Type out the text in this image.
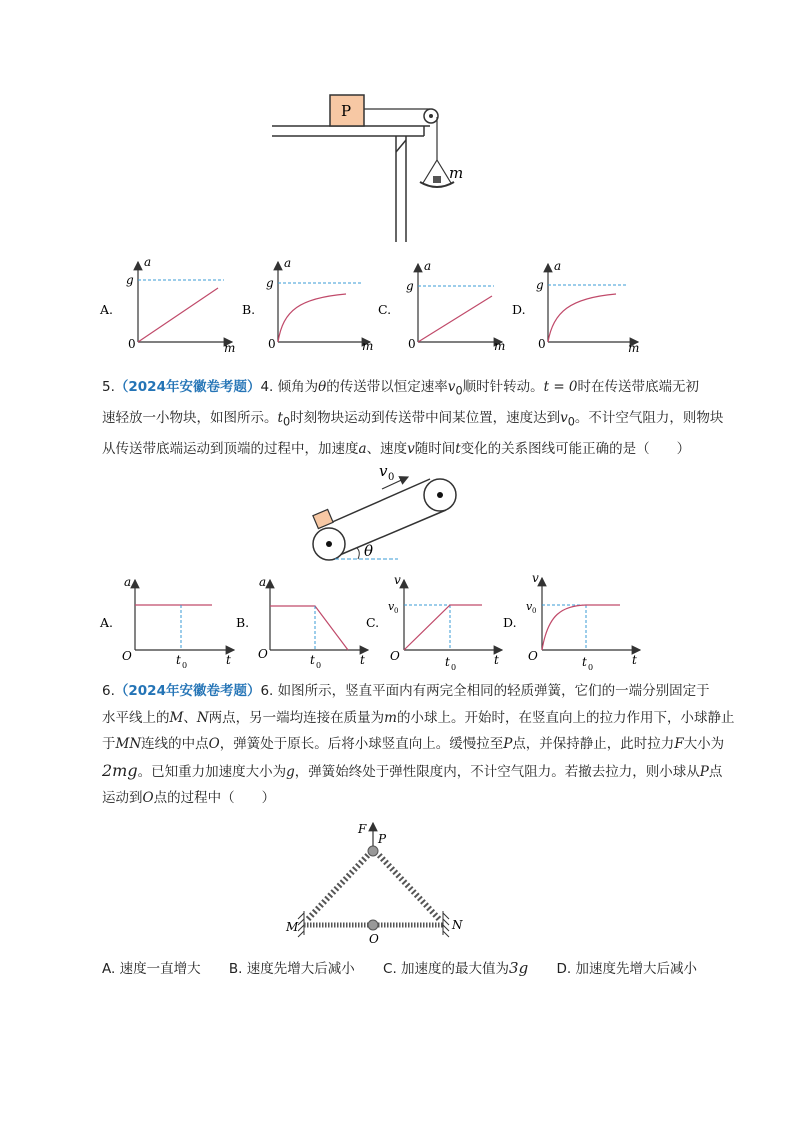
P
m
A.
a
g
0	m
B.
a
g
0	m
C.
a
g
0	m
D.
a
g
0	m
5.（2024年安徽卷考题）4. 倾角为θ的传送带以恒定速率$v_0$顺时针转动。t = 0时在传送带底端无初
速轻放一小物块，如图所示。$t_0$时刻物块运动到传送带中间某位置，速度达到$v_0$。不计空气阻力，则物块
从传送带底端运动到顶端的过程中，加速度a、速度v随时间t变化的关系图线可能正确的是（　　）
v 0
θ
A.
a
O	t
t 0
B.
a
O	t
t 0
C.
v
v 0
O	t
t 0
D.
v
v 0
O	t
t 0
6.（2024年安徽卷考题）6. 如图所示，竖直平面内有两完全相同的轻质弹簧，它们的一端分别固定于
水平线上的M、N两点，另一端均连接在质量为m的小球上。开始时，在竖直向上的拉力作用下，小球静止
于MN连线的中点O，弹簧处于原长。后将小球竖直向上。缓慢拉至P点，并保持静止，此时拉力F大小为
2mg。已知重力加速度大小为g，弹簧始终处于弹性限度内，不计空气阻力。若撤去拉力，则小球从P点
运动到O点的过程中（　　）
F
P
M	N
O
A. 速度一直增大 B. 速度先增大后减小 C. 加速度的最大值为3g D. 加速度先增大后减小
